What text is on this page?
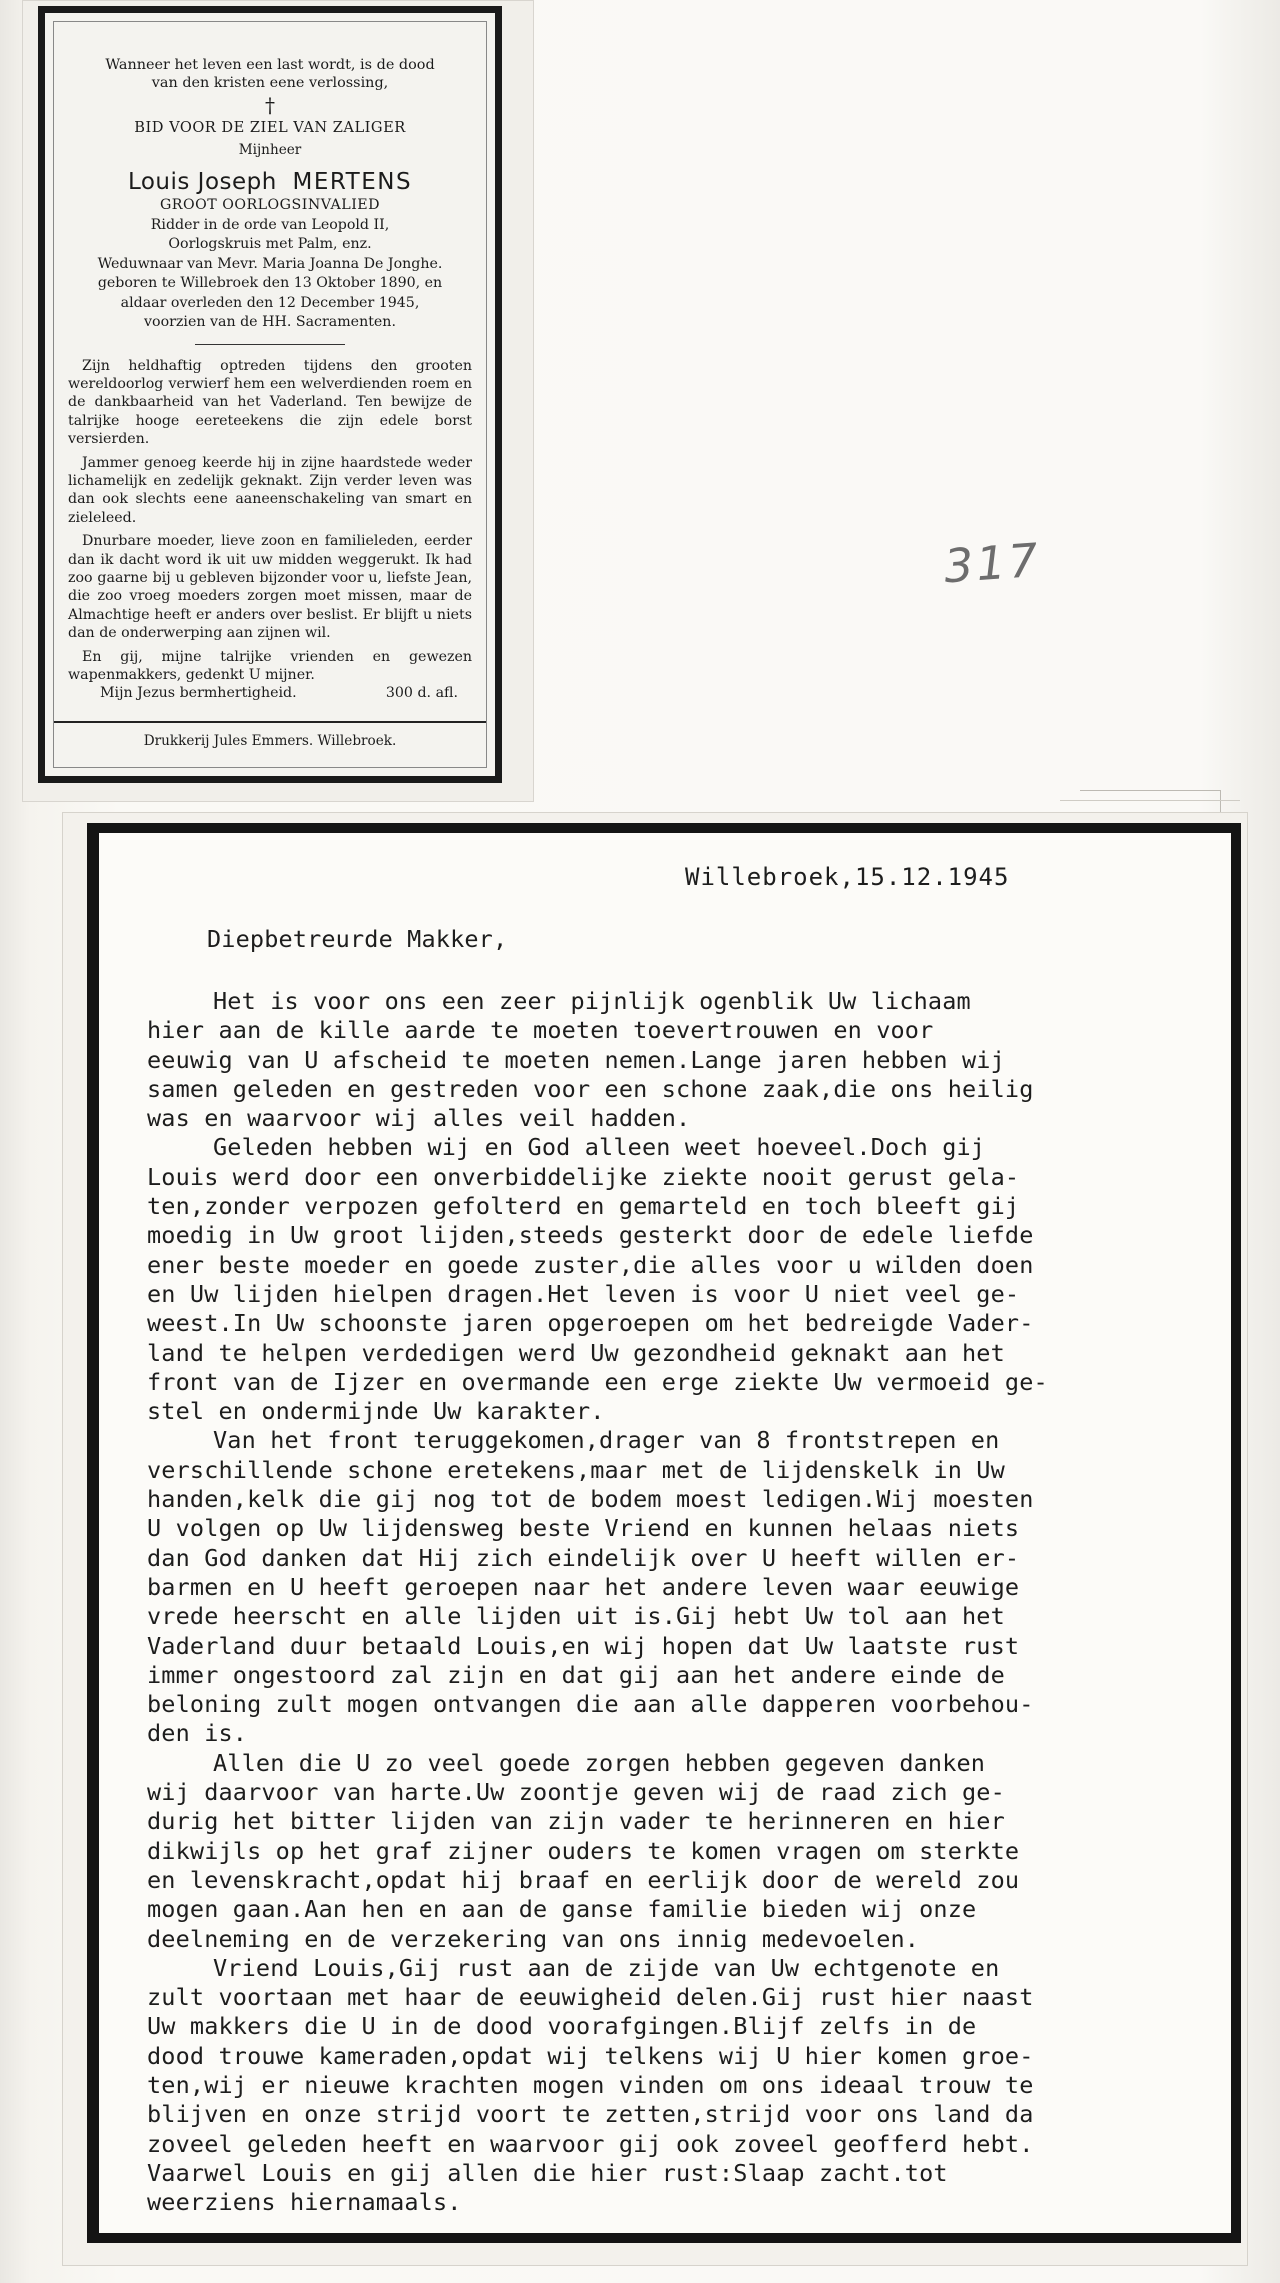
Wanneer het leven een last wordt, is de dood
van den kristen eene verlossing,
†
BID VOOR DE ZIEL VAN ZALIGER
Mijnheer
Louis Joseph MERTENS
GROOT OORLOGSINVALIED
Ridder in de orde van Leopold II,
Oorlogskruis met Palm, enz.
Weduwnaar van Mevr. Maria Joanna De Jonghe.
geboren te Willebroek den 13 Oktober 1890, en
aldaar overleden den 12 December 1945,
voorzien van de HH. Sacramenten.

Zijn heldhaftig optreden tijdens den grooten wereldoorlog verwierf hem een welverdienden roem en de dankbaarheid van het Vaderland. Ten bewijze de talrijke hooge eereteekens die zijn edele borst versierden.

Jammer genoeg keerde hij in zijne haardstede weder lichamelijk en zedelijk geknakt. Zijn verder leven was dan ook slechts eene aaneenschakeling van smart en zieleleed.

Dnurbare moeder, lieve zoon en familieleden, eerder dan ik dacht word ik uit uw midden weggerukt. Ik had zoo gaarne bij u gebleven bijzonder voor u, liefste Jean, die zoo vroeg moeders zorgen moet missen, maar de Almachtige heeft er anders over beslist. Er blijft u niets dan de onderwerping aan zijnen wil.

En gij, mijne talrijke vrienden en gewezen wapenmakkers, gedenkt U mijner.

Mijn Jezus bermhertigheid.	300 d. afl.
Drukkerij Jules Emmers. Willebroek.
317
Willebroek,15.12.1945
Diepbetreurde Makker,
Het is voor ons een zeer pijnlijk ogenblik Uw lichaam
hier aan de kille aarde te moeten toevertrouwen en voor
eeuwig van U afscheid te moeten nemen.Lange jaren hebben wij
samen geleden en gestreden voor een schone zaak,die ons heilig
was en waarvoor wij alles veil hadden.
Geleden hebben wij en God alleen weet hoeveel.Doch gij
Louis werd door een onverbiddelijke ziekte nooit gerust gela-
ten,zonder verpozen gefolterd en gemarteld en toch bleeft gij
moedig in Uw groot lijden,steeds gesterkt door de edele liefde
ener beste moeder en goede zuster,die alles voor u wilden doen
en Uw lijden hielpen dragen.Het leven is voor U niet veel ge-
weest.In Uw schoonste jaren opgeroepen om het bedreigde Vader-
land te helpen verdedigen werd Uw gezondheid geknakt aan het
front van de Ijzer en overmande een erge ziekte Uw vermoeid ge-
stel en ondermijnde Uw karakter.
Van het front teruggekomen,drager van 8 frontstrepen en
verschillende schone eretekens,maar met de lijdenskelk in Uw
handen,kelk die gij nog tot de bodem moest ledigen.Wij moesten
U volgen op Uw lijdensweg beste Vriend en kunnen helaas niets
dan God danken dat Hij zich eindelijk over U heeft willen er-
barmen en U heeft geroepen naar het andere leven waar eeuwige
vrede heerscht en alle lijden uit is.Gij hebt Uw tol aan het
Vaderland duur betaald Louis,en wij hopen dat Uw laatste rust
immer ongestoord zal zijn en dat gij aan het andere einde de
beloning zult mogen ontvangen die aan alle dapperen voorbehou-
den is.
Allen die U zo veel goede zorgen hebben gegeven danken
wij daarvoor van harte.Uw zoontje geven wij de raad zich ge-
durig het bitter lijden van zijn vader te herinneren en hier
dikwijls op het graf zijner ouders te komen vragen om sterkte
en levenskracht,opdat hij braaf en eerlijk door de wereld zou
mogen gaan.Aan hen en aan de ganse familie bieden wij onze
deelneming en de verzekering van ons innig medevoelen.
Vriend Louis,Gij rust aan de zijde van Uw echtgenote en
zult voortaan met haar de eeuwigheid delen.Gij rust hier naast
Uw makkers die U in de dood voorafgingen.Blijf zelfs in de
dood trouwe kameraden,opdat wij telkens wij U hier komen groe-
ten,wij er nieuwe krachten mogen vinden om ons ideaal trouw te
blijven en onze strijd voort te zetten,strijd voor ons land da
zoveel geleden heeft en waarvoor gij ook zoveel geofferd hebt.
Vaarwel Louis en gij allen die hier rust:Slaap zacht.tot
weerziens hiernamaals.
